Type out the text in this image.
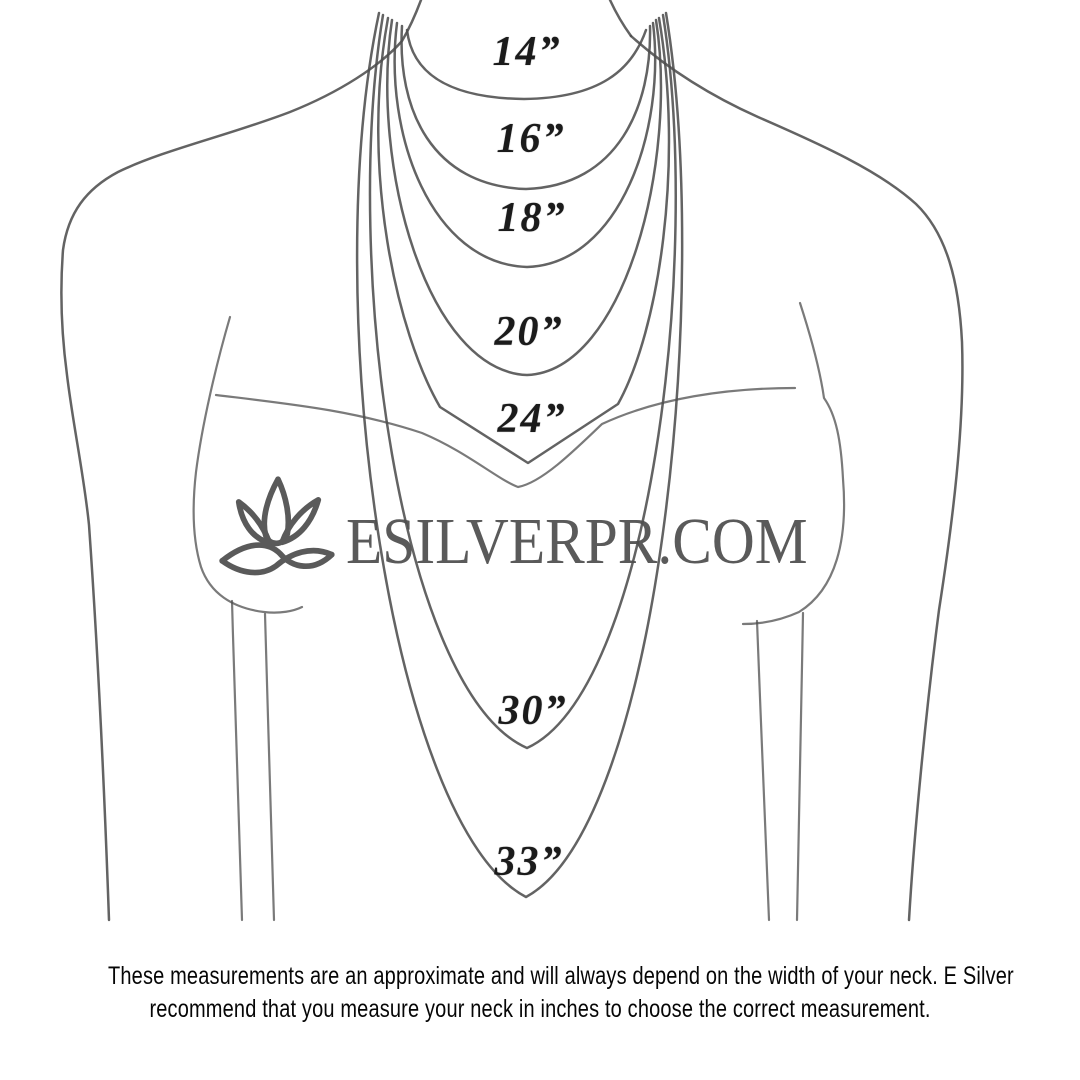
14”
16”
18”
20”
24”
30”
33”
ESILVERPR.COM
These measurements are an approximate and will always depend on the width of your neck. E Silver
recommend that you measure your neck in inches to choose the correct measurement.
